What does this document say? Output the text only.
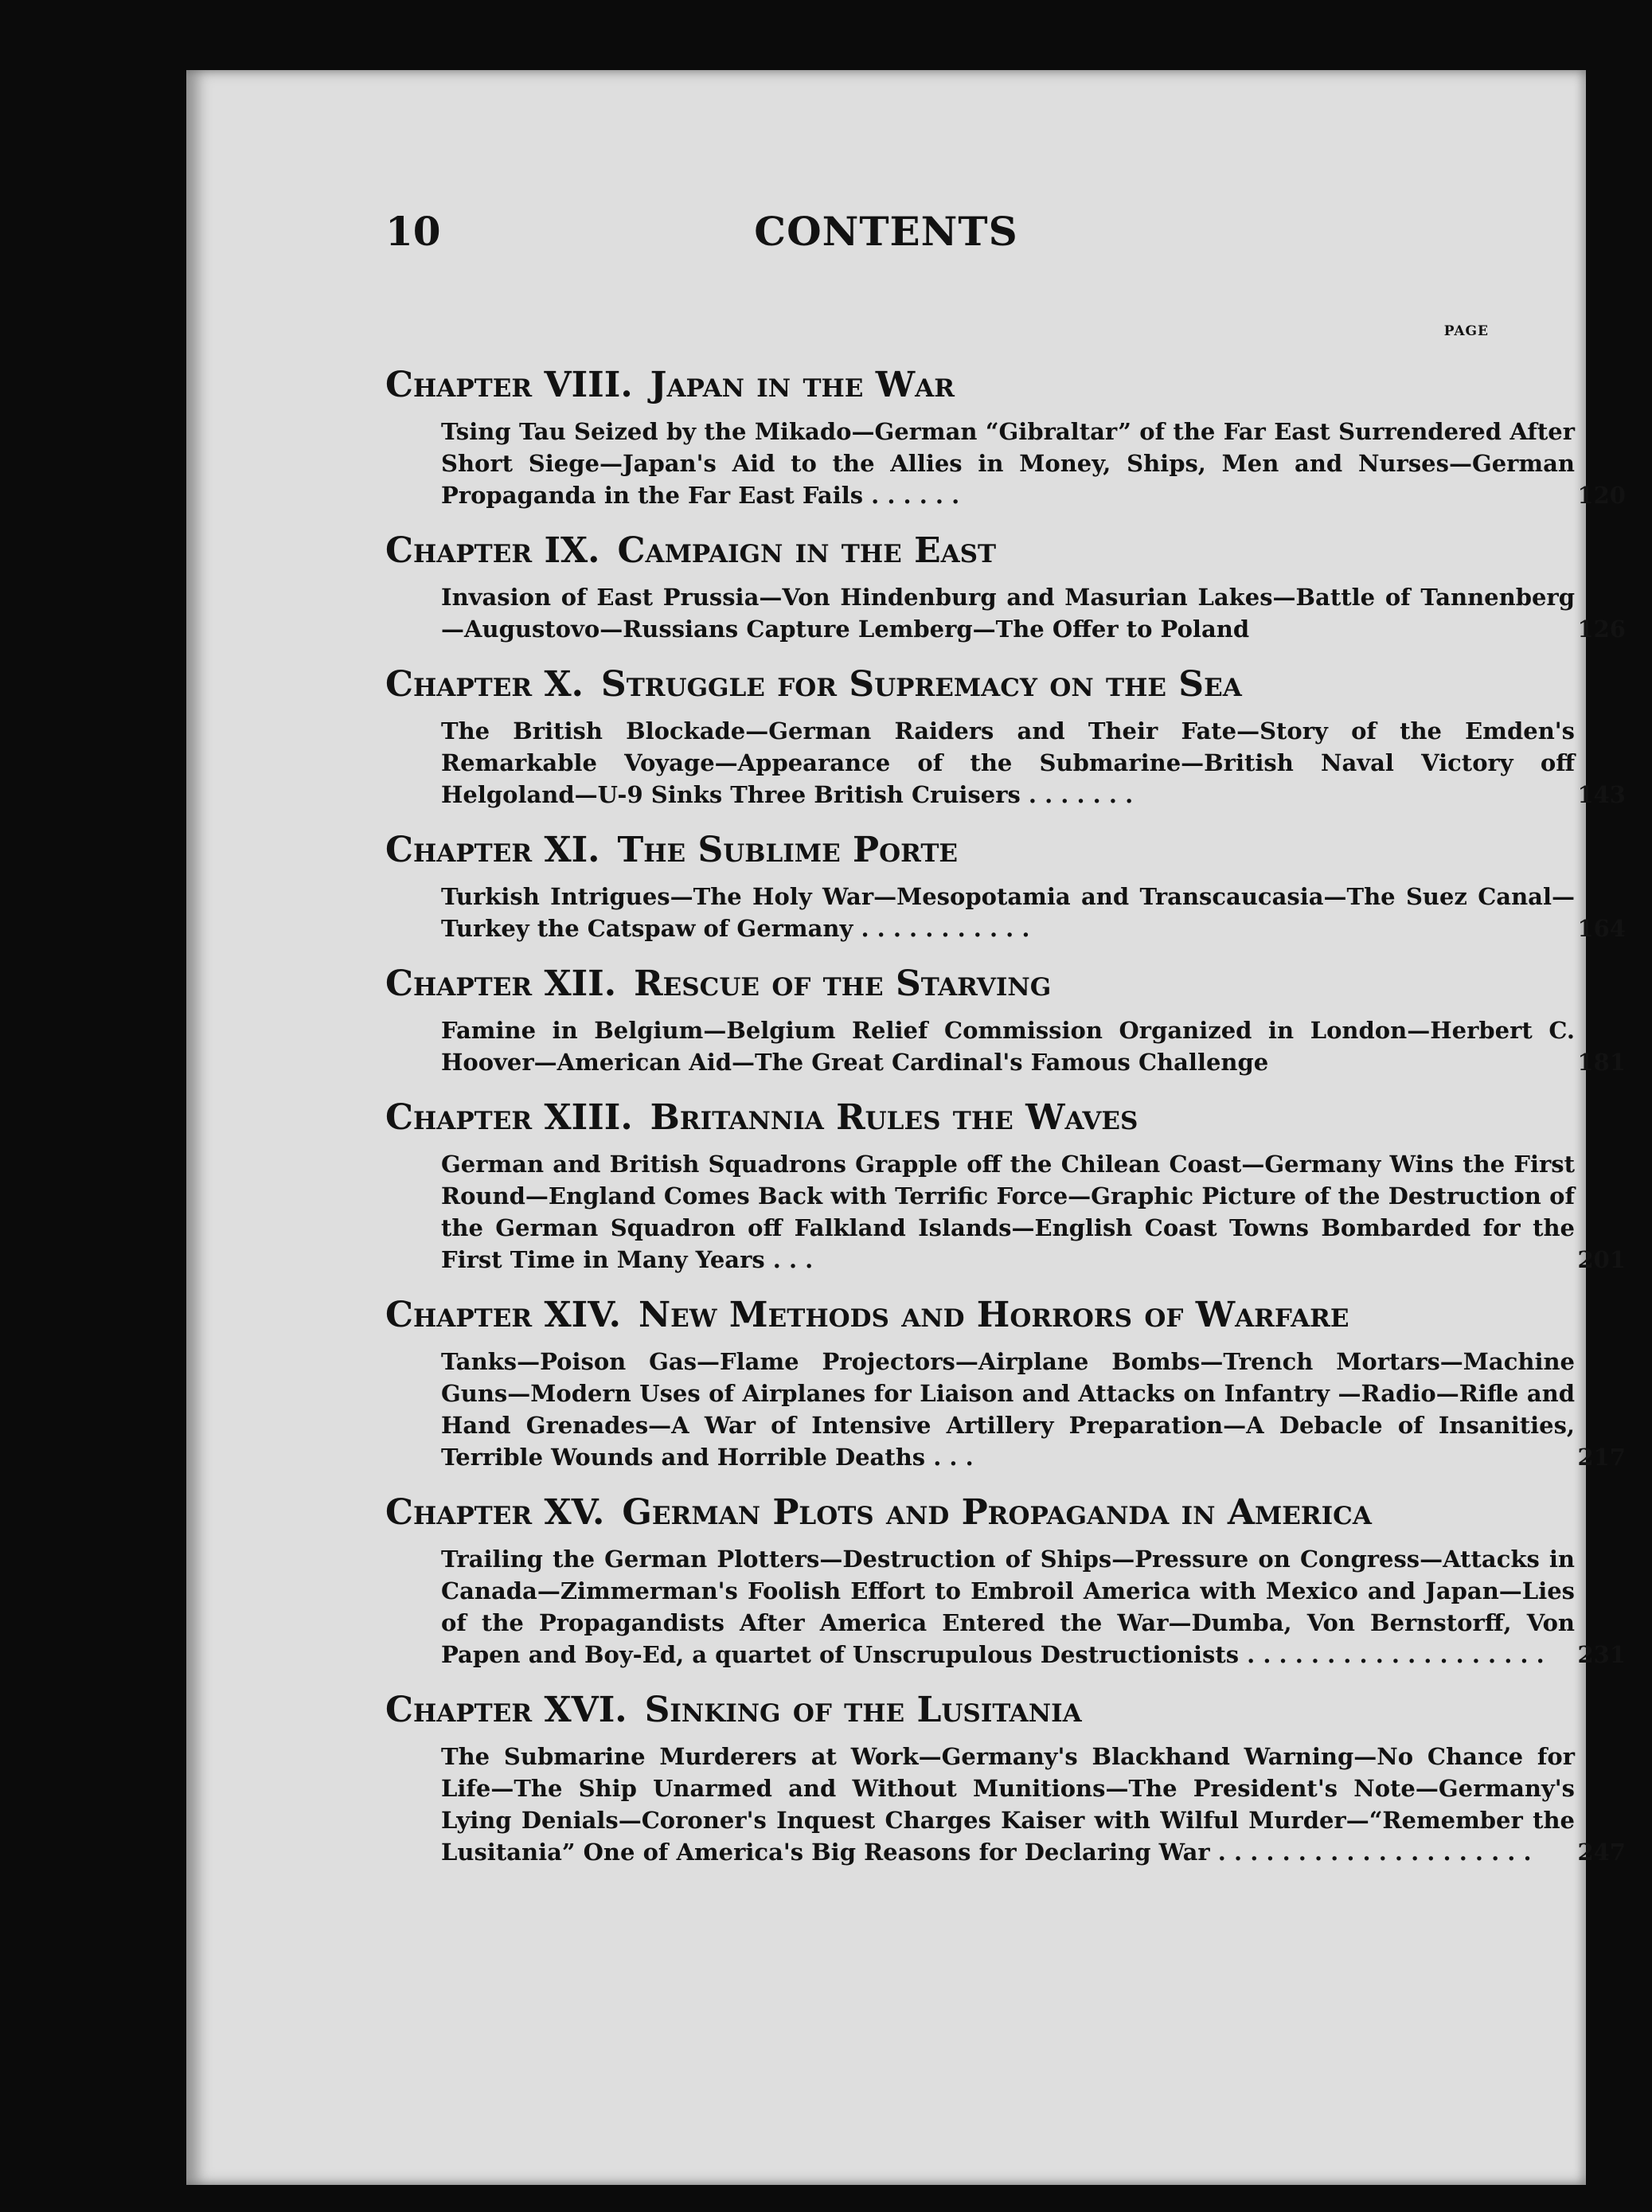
10	CONTENTS
PAGE
Chapter VIII. Japan in the War
Tsing Tau Seized by the Mikado—German “Gibraltar” of the Far East Surrendered After Short Siege—Japan's Aid to the Allies in Money, Ships, Men and Nurses—German Propaganda in the Far East Fails . . . . . .	120
Chapter IX. Campaign in the East
Invasion of East Prussia—Von Hindenburg and Masurian Lakes—Battle of Tannenberg—Augustovo—Russians Capture Lemberg—The Offer to Poland	126
Chapter X. Struggle for Supremacy on the Sea
The British Blockade—German Raiders and Their Fate—Story of the Emden's Remarkable Voyage—Appearance of the Submarine—British Naval Victory off Helgoland—U-9 Sinks Three British Cruisers . . . . . . .	143
Chapter XI. The Sublime Porte
Turkish Intrigues—The Holy War—Mesopotamia and Transcaucasia—The Suez Canal—Turkey the Catspaw of Germany . . . . . . . . . . .	164
Chapter XII. Rescue of the Starving
Famine in Belgium—Belgium Relief Commission Organized in London—Herbert C. Hoover—American Aid—The Great Cardinal's Famous Challenge	181
Chapter XIII. Britannia Rules the Waves
German and British Squadrons Grapple off the Chilean Coast—Germany Wins the First Round—England Comes Back with Terrific Force—Graphic Picture of the Destruction of the German Squadron off Falkland Islands—English Coast Towns Bombarded for the First Time in Many Years . . .	201
Chapter XIV. New Methods and Horrors of Warfare
Tanks—Poison Gas—Flame Projectors—Airplane Bombs—Trench Mortars—Machine Guns—Modern Uses of Airplanes for Liaison and Attacks on Infantry —Radio—Rifle and Hand Grenades—A War of Intensive Artillery Preparation—A Debacle of Insanities, Terrible Wounds and Horrible Deaths . . .	217
Chapter XV. German Plots and Propaganda in America
Trailing the German Plotters—Destruction of Ships—Pressure on Congress—Attacks in Canada—Zimmerman's Foolish Effort to Embroil America with Mexico and Japan—Lies of the Propagandists After America Entered the War—Dumba, Von Bernstorff, Von Papen and Boy-Ed, a quartet of Unscrupulous Destructionists . . . . . . . . . . . . . . . . . . .	231
Chapter XVI. Sinking of the Lusitania
The Submarine Murderers at Work—Germany's Blackhand Warning—No Chance for Life—The Ship Unarmed and Without Munitions—The President's Note—Germany's Lying Denials—Coroner's Inquest Charges Kaiser with Wilful Murder—“Remember the Lusitania” One of America's Big Reasons for Declaring War . . . . . . . . . . . . . . . . . . . .	247
